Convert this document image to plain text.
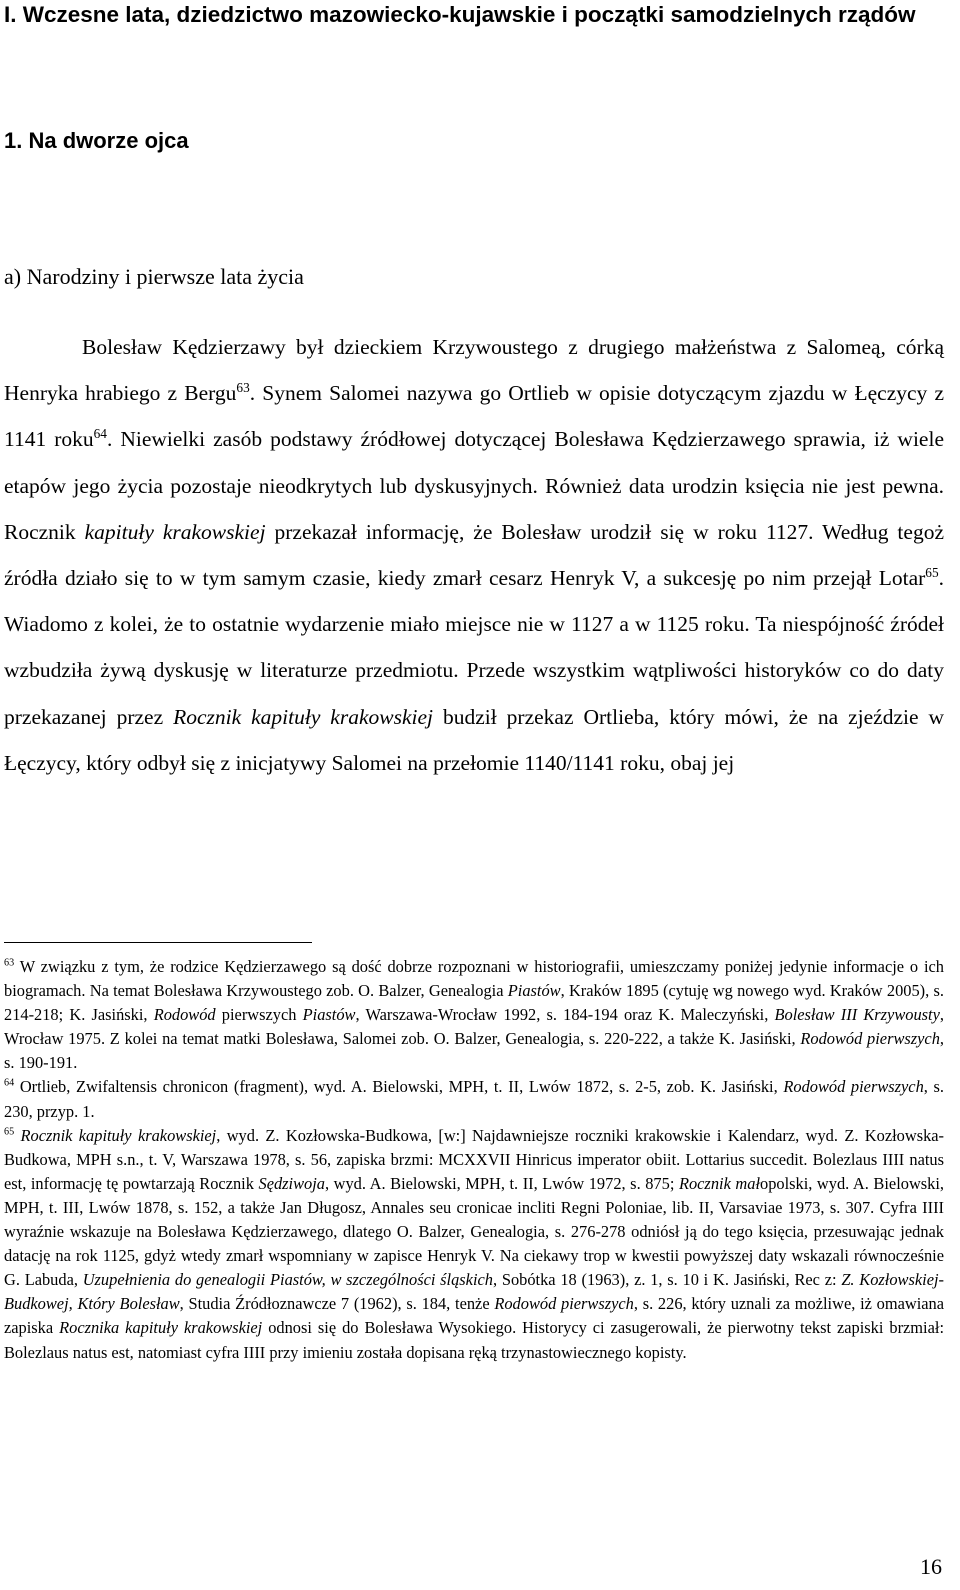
I. Wczesne lata, dziedzictwo mazowiecko-kujawskie i początki samodzielnych rządów
1. Na dworze ojca
a) Narodziny i pierwsze lata życia
Bolesław Kędzierzawy był dzieckiem Krzywoustego z drugiego małżeństwa z Salomeą, córką Henryka hrabiego z Bergu$^{63}$. Synem Salomei nazywa go Ortlieb w opisie dotyczącym zjazdu w Łęczycy z 1141 roku$^{64}$. Niewielki zasób podstawy źródłowej dotyczącej Bolesława Kędzierzawego sprawia, iż wiele etapów jego życia pozostaje nieodkrytych lub dyskusyjnych. Również data urodzin księcia nie jest pewna. Rocznik kapituły krakowskiej przekazał informację, że Bolesław urodził się w roku 1127. Według tegoż źródła działo się to w tym samym czasie, kiedy zmarł cesarz Henryk V, a sukcesję po nim przejął Lotar$^{65}$. Wiadomo z kolei, że to ostatnie wydarzenie miało miejsce nie w 1127 a w 1125 roku. Ta niespójność źródeł wzbudziła żywą dyskusję w literaturze przedmiotu. Przede wszystkim wątpliwości historyków co do daty przekazanej przez Rocznik kapituły krakowskiej budził przekaz Ortlieba, który mówi, że na zjeździe w Łęczycy, który odbył się z inicjatywy Salomei na przełomie 1140/1141 roku, obaj jej

$^{63}$ W związku z tym, że rodzice Kędzierzawego są dość dobrze rozpoznani w historiografii, umieszczamy poniżej jedynie informacje o ich biogramach. Na temat Bolesława Krzywoustego zob. O. Balzer, Genealogia Piastów, Kraków 1895 (cytuję wg nowego wyd. Kraków 2005), s. 214-218; K. Jasiński, Rodowód pierwszych Piastów, Warszawa-Wrocław 1992, s. 184-194 oraz K. Maleczyński, Bolesław III Krzywousty, Wrocław 1975. Z kolei na temat matki Bolesława, Salomei zob. O. Balzer, Genealogia, s. 220-222, a także K. Jasiński, Rodowód pierwszych, s. 190-191.

$^{64}$ Ortlieb, Zwifaltensis chronicon (fragment), wyd. A. Bielowski, MPH, t. II, Lwów 1872, s. 2-5, zob. K. Jasiński, Rodowód pierwszych, s. 230, przyp. 1.

$^{65}$ Rocznik kapituły krakowskiej, wyd. Z. Kozłowska-Budkowa, [w:] Najdawniejsze roczniki krakowskie i Kalendarz, wyd. Z. Kozłowska-Budkowa, MPH s.n., t. V, Warszawa 1978, s. 56, zapiska brzmi: MCXXVII Hinricus imperator obiit. Lottarius succedit. Bolezlaus IIII natus est, informację tę powtarzają Rocznik Sędziwoja, wyd. A. Bielowski, MPH, t. II, Lwów 1972, s. 875; Rocznik małopolski, wyd. A. Bielowski, MPH, t. III, Lwów 1878, s. 152, a także Jan Długosz, Annales seu cronicae incliti Regni Poloniae, lib. II, Varsaviae 1973, s. 307. Cyfra IIII wyraźnie wskazuje na Bolesława Kędzierzawego, dlatego O. Balzer, Genealogia, s. 276-278 odniósł ją do tego księcia, przesuwając jednak datację na rok 1125, gdyż wtedy zmarł wspomniany w zapisce Henryk V. Na ciekawy trop w kwestii powyższej daty wskazali równocześnie G. Labuda, Uzupełnienia do genealogii Piastów, w szczególności śląskich, Sobótka 18 (1963), z. 1, s. 10 i K. Jasiński, Rec z: Z. Kozłowskiej-Budkowej, Który Bolesław, Studia Źródłoznawcze 7 (1962), s. 184, tenże Rodowód pierwszych, s. 226, który uznali za możliwe, iż omawiana zapiska Rocznika kapituły krakowskiej odnosi się do Bolesława Wysokiego. Historycy ci zasugerowali, że pierwotny tekst zapiski brzmiał: Bolezlaus natus est, natomiast cyfra IIII przy imieniu została dopisana ręką trzynastowiecznego kopisty.

16
